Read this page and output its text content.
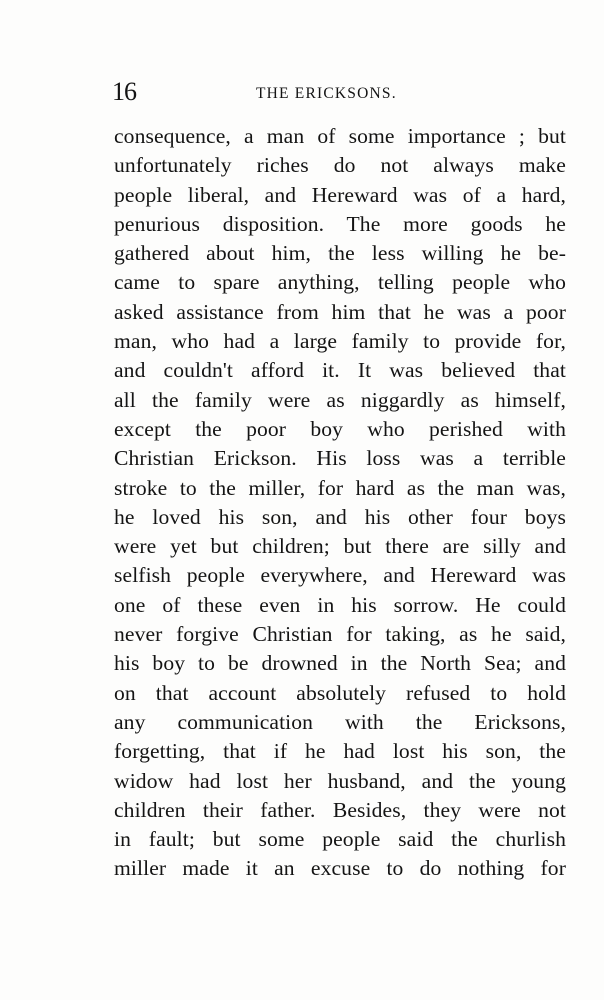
16	THE ERICKSONS.
consequence, a man of some importance ; but
unfortunately riches do not always make
people liberal, and Hereward was of a hard,
penurious disposition. The more goods he
gathered about him, the less willing he be-
came to spare anything, telling people who
asked assistance from him that he was a poor
man, who had a large family to provide for,
and couldn't afford it. It was believed that
all the family were as niggardly as himself,
except the poor boy who perished with
Christian Erickson. His loss was a terrible
stroke to the miller, for hard as the man was,
he loved his son, and his other four boys
were yet but children; but there are silly and
selfish people everywhere, and Hereward was
one of these even in his sorrow. He could
never forgive Christian for taking, as he said,
his boy to be drowned in the North Sea; and
on that account absolutely refused to hold
any communication with the Ericksons,
forgetting, that if he had lost his son, the
widow had lost her husband, and the young
children their father. Besides, they were not
in fault; but some people said the churlish
miller made it an excuse to do nothing for
